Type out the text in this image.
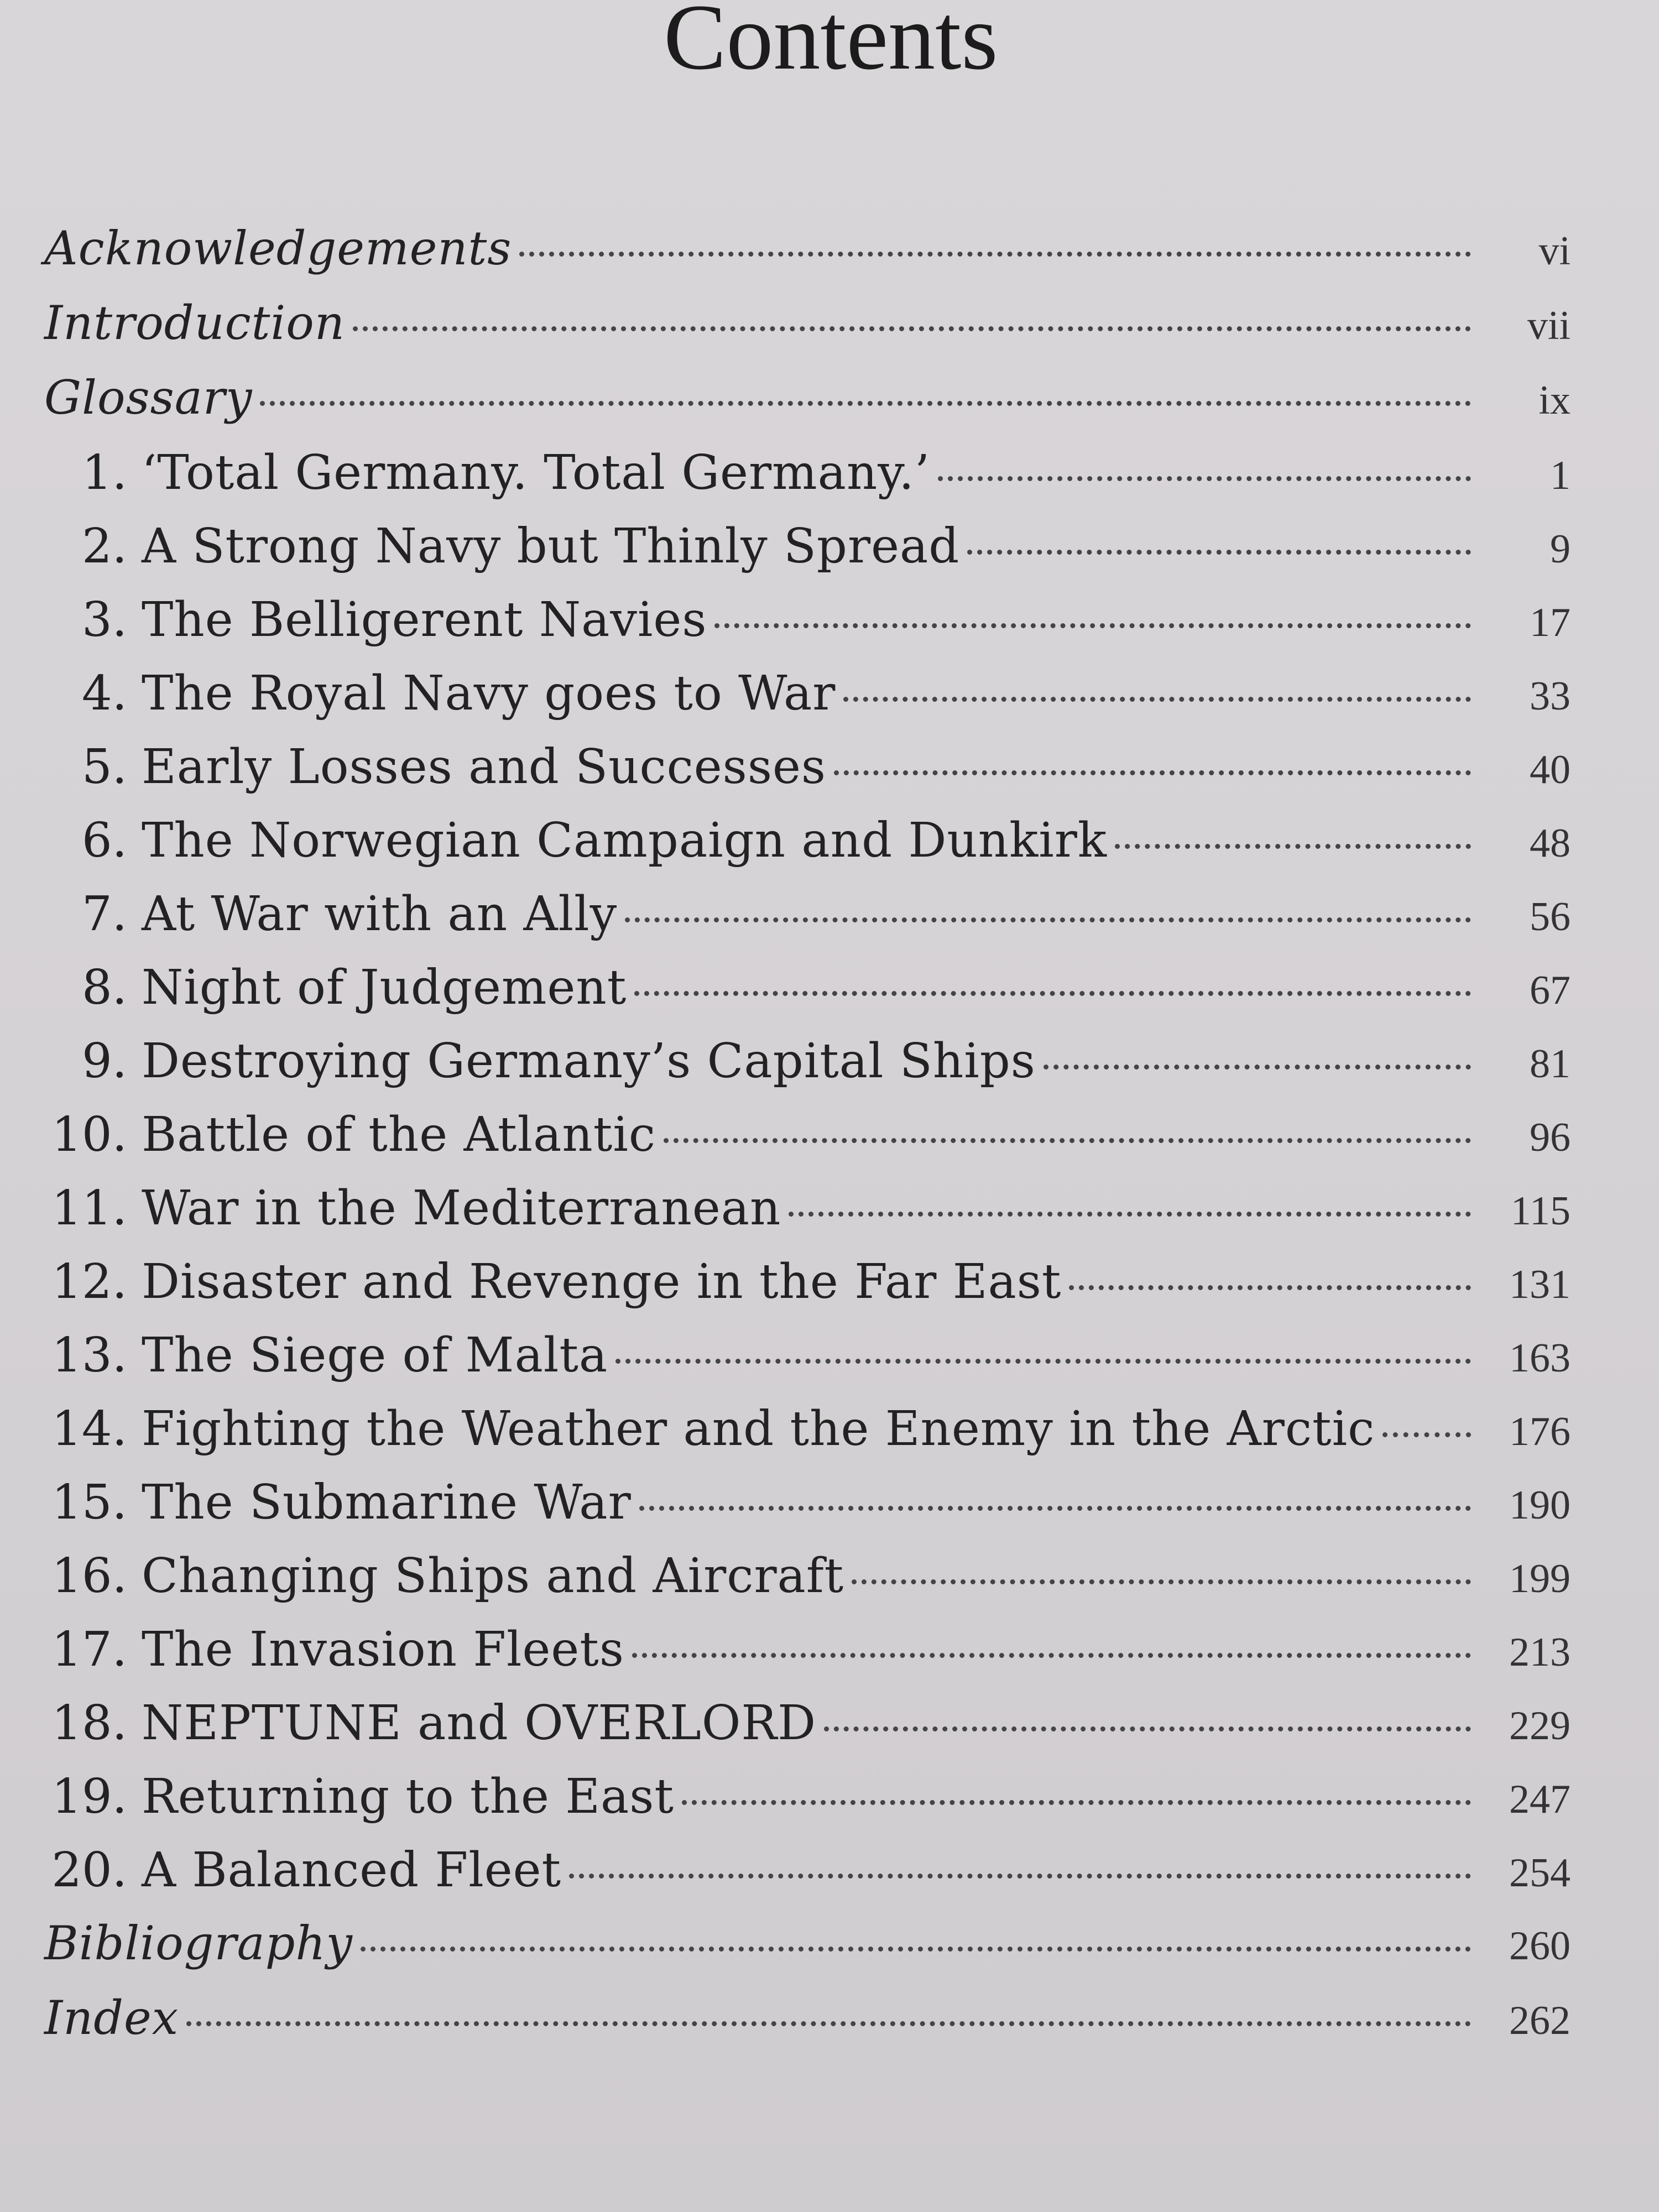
Contents
Acknowledgements	vi
Introduction	vii
Glossary	ix
1. ‘Total Germany. Total Germany.’	1
2. A Strong Navy but Thinly Spread	9
3. The Belligerent Navies	17
4. The Royal Navy goes to War	33
5. Early Losses and Successes	40
6. The Norwegian Campaign and Dunkirk	48
7. At War with an Ally	56
8. Night of Judgement	67
9. Destroying Germany’s Capital Ships	81
10. Battle of the Atlantic	96
11. War in the Mediterranean	115
12. Disaster and Revenge in the Far East	131
13. The Siege of Malta	163
14. Fighting the Weather and the Enemy in the Arctic	176
15. The Submarine War	190
16. Changing Ships and Aircraft	199
17. The Invasion Fleets	213
18. NEPTUNE and OVERLORD	229
19. Returning to the East	247
20. A Balanced Fleet	254
Bibliography	260
Index	262
